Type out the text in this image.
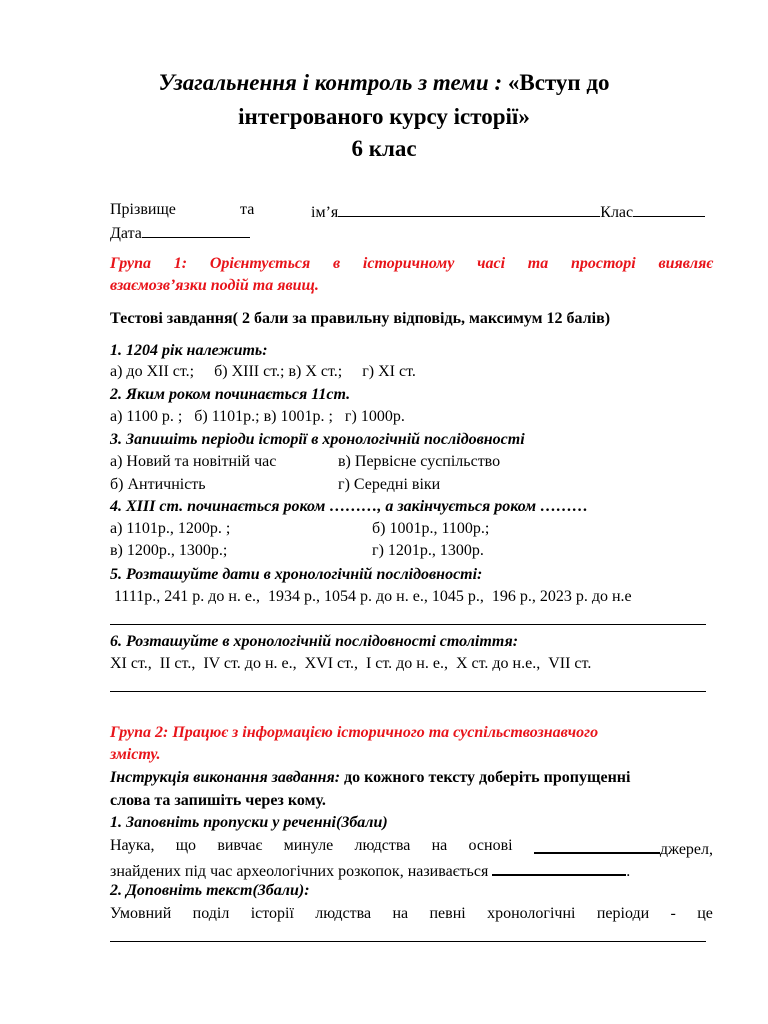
Узагальнення і контроль з теми : «Вступ до
інтегрованого курсу історії»
6 клас
Прізвище	та	ім’я	Клас
Дата
Група 1: Орієнтується в історичному часі та просторі виявляє
взаємозв’язки подій та явищ.
Тестові завдання( 2 бали за правильну відповідь, максимум 12 балів)
1. 1204 рік належить:
а) до XII ст.;     б) XIII ст.; в) Х ст.;     г) XI ст.
2. Яким роком починається 11ст.
а) 1100 р. ;   б) 1101р.; в) 1001р. ;   г) 1000р.
3. Запишіть періоди історії в хронологічній послідовності
а) Новий та новітній час	в) Первісне суспільство
б) Античність	г) Середні віки
4. XIII ст. починається роком ………, а закінчується роком ………
а) 1101р., 1200р. ;	б) 1001р., 1100р.;
в) 1200р., 1300р.;	г) 1201р., 1300р.
5. Розташуйте дати в хронологічній послідовності:
1111р., 241 р. до н. е.,  1934 р., 1054 р. до н. е., 1045 р.,  196 р., 2023 р. до н.е
6. Розташуйте в хронологічній послідовності століття:
XI ст.,  II ст.,  IV ст. до н. е.,  XVI ст.,  I ст. до н. е.,  X ст. до н.е.,  VII ст.
Група 2: Працює з інформацією історичного та суспільствознавчого
змісту.
Інструкція виконання завдання: до кожного тексту доберіть пропущенні
слова та запишіть через кому.
1. Заповніть пропуски у реченні(3бали)
Наука, що вивчає минуле людства на основі	джерел,
знайдених під час археологічних розкопок, називається	.
2. Доповніть текст(3бали):
Умовний поділ історії людства на певні хронологічні періоди - це
